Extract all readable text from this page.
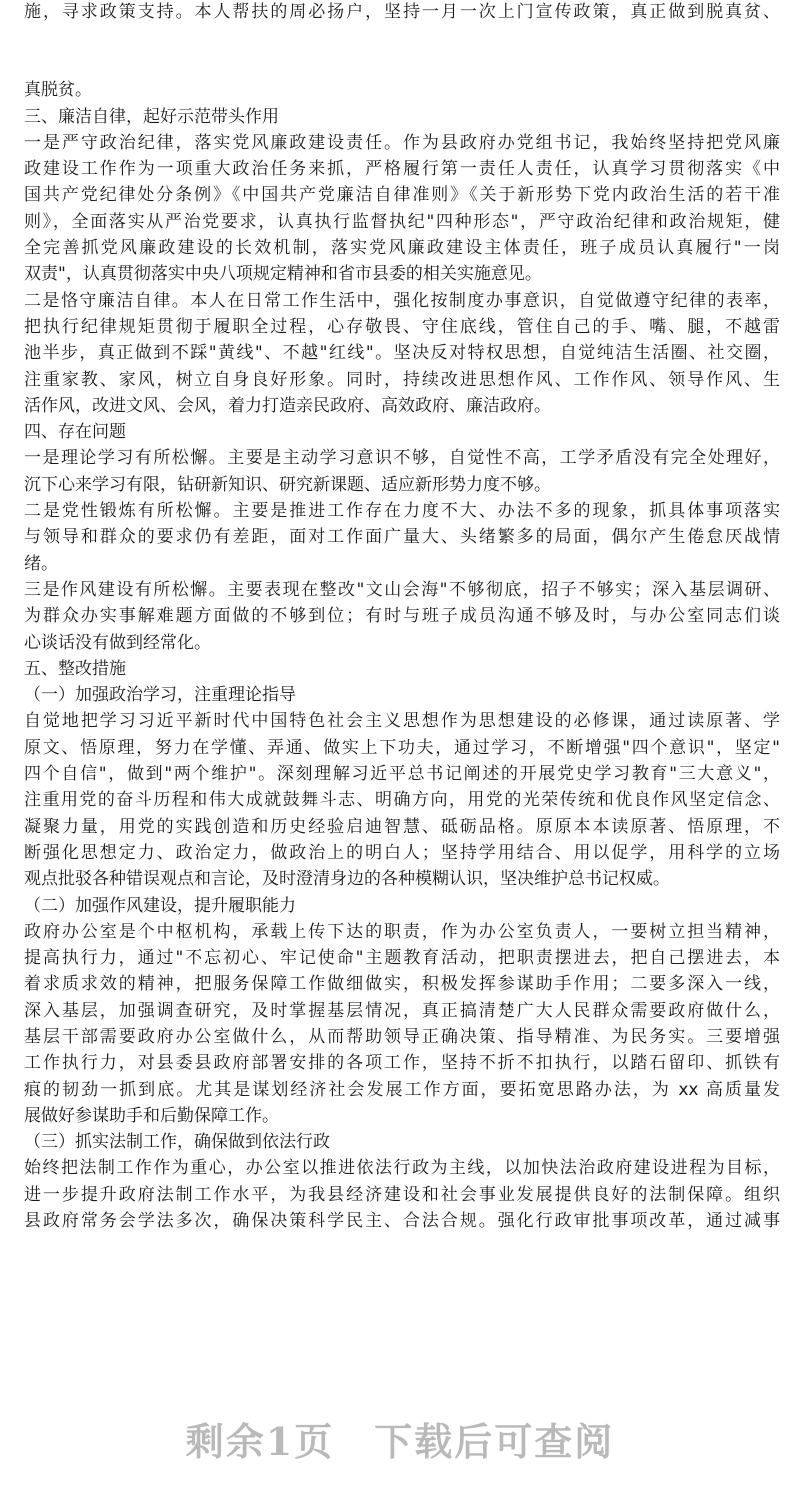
施，寻求政策支持。本人帮扶的周必扬户，坚持一月一次上门宣传政策，真正做到脱真贫、
真脱贫。
三、廉洁自律，起好示范带头作用
一是严守政治纪律，落实党风廉政建设责任。作为县政府办党组书记，我始终坚持把党风廉
政建设工作作为一项重大政治任务来抓，严格履行第一责任人责任，认真学习贯彻落实《中
国共产党纪律处分条例》《中国共产党廉洁自律准则》《关于新形势下党内政治生活的若干准
则》，全面落实从严治党要求，认真执行监督执纪"四种形态"，严守政治纪律和政治规矩，健
全完善抓党风廉政建设的长效机制，落实党风廉政建设主体责任，班子成员认真履行"一岗
双责"，认真贯彻落实中央八项规定精神和省市县委的相关实施意见。
二是恪守廉洁自律。本人在日常工作生活中，强化按制度办事意识，自觉做遵守纪律的表率，
把执行纪律规矩贯彻于履职全过程，心存敬畏、守住底线，管住自己的手、嘴、腿，不越雷
池半步，真正做到不踩"黄线"、不越"红线"。坚决反对特权思想，自觉纯洁生活圈、社交圈，
注重家教、家风，树立自身良好形象。同时，持续改进思想作风、工作作风、领导作风、生
活作风，改进文风、会风，着力打造亲民政府、高效政府、廉洁政府。
四、存在问题
一是理论学习有所松懈。主要是主动学习意识不够，自觉性不高，工学矛盾没有完全处理好，
沉下心来学习有限，钻研新知识、研究新课题、适应新形势力度不够。
二是党性锻炼有所松懈。主要是推进工作存在力度不大、办法不多的现象，抓具体事项落实
与领导和群众的要求仍有差距，面对工作面广量大、头绪繁多的局面，偶尔产生倦怠厌战情
绪。
三是作风建设有所松懈。主要表现在整改"文山会海"不够彻底，招子不够实；深入基层调研、
为群众办实事解难题方面做的不够到位；有时与班子成员沟通不够及时，与办公室同志们谈
心谈话没有做到经常化。
五、整改措施
（一）加强政治学习，注重理论指导
自觉地把学习习近平新时代中国特色社会主义思想作为思想建设的必修课，通过读原著、学
原文、悟原理，努力在学懂、弄通、做实上下功夫，通过学习，不断增强"四个意识"，坚定"
四个自信"，做到"两个维护"。深刻理解习近平总书记阐述的开展党史学习教育"三大意义"，
注重用党的奋斗历程和伟大成就鼓舞斗志、明确方向，用党的光荣传统和优良作风坚定信念、
凝聚力量，用党的实践创造和历史经验启迪智慧、砥砺品格。原原本本读原著、悟原理，不
断强化思想定力、政治定力，做政治上的明白人；坚持学用结合、用以促学，用科学的立场
观点批驳各种错误观点和言论，及时澄清身边的各种模糊认识，坚决维护总书记权威。
（二）加强作风建设，提升履职能力
政府办公室是个中枢机构，承载上传下达的职责，作为办公室负责人，一要树立担当精神，
提高执行力，通过"不忘初心、牢记使命"主题教育活动，把职责摆进去，把自己摆进去，本
着求质求效的精神，把服务保障工作做细做实，积极发挥参谋助手作用；二要多深入一线，
深入基层，加强调查研究，及时掌握基层情况，真正搞清楚广大人民群众需要政府做什么，
基层干部需要政府办公室做什么，从而帮助领导正确决策、指导精准、为民务实。三要增强
工作执行力，对县委县政府部署安排的各项工作，坚持不折不扣执行，以踏石留印、抓铁有
痕的韧劲一抓到底。尤其是谋划经济社会发展工作方面，要拓宽思路办法，为 xx 高质量发
展做好参谋助手和后勤保障工作。
（三）抓实法制工作，确保做到依法行政
始终把法制工作作为重心，办公室以推进依法行政为主线，以加快法治政府建设进程为目标，
进一步提升政府法制工作水平，为我县经济建设和社会事业发展提供良好的法制保障。组织
县政府常务会学法多次，确保决策科学民主、合法合规。强化行政审批事项改革，通过减事
剩余1页 下载后可查阅
